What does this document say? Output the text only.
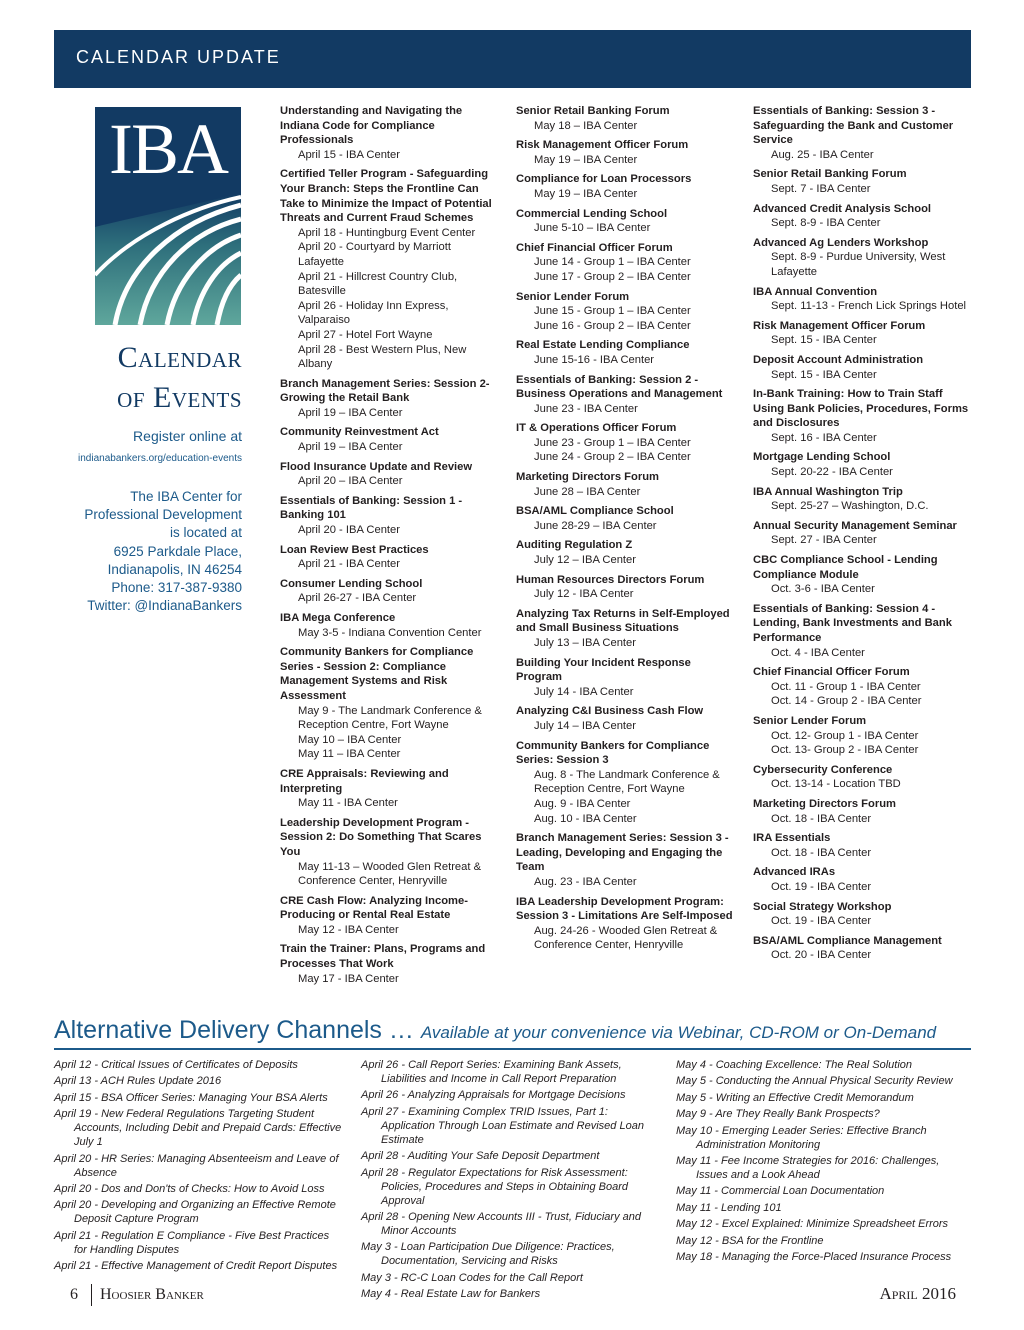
CALENDAR UPDATE
IBA
Calendar
of Events
Register online at
indianabankers.org/education-events
The IBA Center for
Professional Development
is located at
6925 Parkdale Place,
Indianapolis, IN 46254
Phone: 317-387-9380
Twitter: @IndianaBankers
Understanding and Navigating the Indiana Code for Compliance Professionals
April 15 - IBA Center
Certified Teller Program - Safeguarding Your Branch: Steps the Frontline Can Take to Minimize the Impact of Potential Threats and Current Fraud Schemes
April 18 - Huntingburg Event Center
April 20 - Courtyard by Marriott Lafayette
April 21 - Hillcrest Country Club, Batesville
April 26 - Holiday Inn Express, Valparaiso
April 27 - Hotel Fort Wayne
April 28 - Best Western Plus, New Albany
Branch Management Series: Session 2- Growing the Retail Bank
April 19 – IBA Center
Community Reinvestment Act
April 19 – IBA Center
Flood Insurance Update and Review
April 20 – IBA Center
Essentials of Banking: Session 1 - Banking 101
April 20 - IBA Center
Loan Review Best Practices
April 21 - IBA Center
Consumer Lending School
April 26-27 - IBA Center
IBA Mega Conference
May 3-5 - Indiana Convention Center
Community Bankers for Compliance Series - Session 2: Compliance Management Systems and Risk Assessment
May 9 - The Landmark Conference & Reception Centre, Fort Wayne
May 10 – IBA Center
May 11 – IBA Center
CRE Appraisals: Reviewing and Interpreting
May 11 - IBA Center
Leadership Development Program - Session 2: Do Something That Scares You
May 11-13 – Wooded Glen Retreat & Conference Center, Henryville
CRE Cash Flow: Analyzing Income-Producing or Rental Real Estate
May 12 - IBA Center
Train the Trainer: Plans, Programs and Processes That Work
May 17 - IBA Center
Senior Retail Banking Forum
May 18 – IBA Center
Risk Management Officer Forum
May 19 – IBA Center
Compliance for Loan Processors
May 19 – IBA Center
Commercial Lending School
June 5-10 – IBA Center
Chief Financial Officer Forum
June 14 - Group 1 – IBA Center
June 17 - Group 2 – IBA Center
Senior Lender Forum
June 15 - Group 1 – IBA Center
June 16 - Group 2 – IBA Center
Real Estate Lending Compliance
June 15-16 - IBA Center
Essentials of Banking: Session 2 - Business Operations and Management
June 23 - IBA Center
IT & Operations Officer Forum
June 23 - Group 1 – IBA Center
June 24 - Group 2 – IBA Center
Marketing Directors Forum
June 28 – IBA Center
BSA/AML Compliance School
June 28-29 – IBA Center
Auditing Regulation Z
July 12 – IBA Center
Human Resources Directors Forum
July 12 - IBA Center
Analyzing Tax Returns in Self-Employed and Small Business Situations
July 13 – IBA Center
Building Your Incident Response Program
July 14 - IBA Center
Analyzing C&I Business Cash Flow
July 14 – IBA Center
Community Bankers for Compliance Series: Session 3
Aug. 8 - The Landmark Conference & Reception Centre, Fort Wayne
Aug. 9 - IBA Center
Aug. 10 - IBA Center
Branch Management Series: Session 3 - Leading, Developing and Engaging the Team
Aug. 23 - IBA Center
IBA Leadership Development Program: Session 3 - Limitations Are Self-Imposed
Aug. 24-26 - Wooded Glen Retreat & Conference Center, Henryville
Essentials of Banking: Session 3 - Safeguarding the Bank and Customer Service
Aug. 25 - IBA Center
Senior Retail Banking Forum
Sept. 7 - IBA Center
Advanced Credit Analysis School
Sept. 8-9 - IBA Center
Advanced Ag Lenders Workshop
Sept. 8-9 - Purdue University, West Lafayette
IBA Annual Convention
Sept. 11-13 - French Lick Springs Hotel
Risk Management Officer Forum
Sept. 15 - IBA Center
Deposit Account Administration
Sept. 15 - IBA Center
In-Bank Training: How to Train Staff Using Bank Policies, Procedures, Forms and Disclosures
Sept. 16 - IBA Center
Mortgage Lending School
Sept. 20-22 - IBA Center
IBA Annual Washington Trip
Sept. 25-27 – Washington, D.C.
Annual Security Management Seminar
Sept. 27 - IBA Center
CBC Compliance School - Lending Compliance Module
Oct. 3-6 - IBA Center
Essentials of Banking: Session 4 - Lending, Bank Investments and Bank Performance
Oct. 4 - IBA Center
Chief Financial Officer Forum
Oct. 11 - Group 1 - IBA Center
Oct. 14 - Group 2 - IBA Center
Senior Lender Forum
Oct. 12- Group 1 - IBA Center
Oct. 13- Group 2 - IBA Center
Cybersecurity Conference
Oct. 13-14 - Location TBD
Marketing Directors Forum
Oct. 18 - IBA Center
IRA Essentials
Oct. 18 - IBA Center
Advanced IRAs
Oct. 19 - IBA Center
Social Strategy Workshop
Oct. 19 - IBA Center
BSA/AML Compliance Management
Oct. 20 - IBA Center
Alternative Delivery Channels … Available at your convenience via Webinar, CD-ROM or On-Demand
April 12 - Critical Issues of Certificates of Deposits
April 13 - ACH Rules Update 2016
April 15 - BSA Officer Series: Managing Your BSA Alerts
April 19 - New Federal Regulations Targeting Student Accounts, Including Debit and Prepaid Cards: Effective July 1
April 20 - HR Series: Managing Absenteeism and Leave of Absence
April 20 - Dos and Don'ts of Checks: How to Avoid Loss
April 20 - Developing and Organizing an Effective Remote Deposit Capture Program
April 21 - Regulation E Compliance - Five Best Practices for Handling Disputes
April 21 - Effective Management of Credit Report Disputes
April 26 - Call Report Series: Examining Bank Assets, Liabilities and Income in Call Report Preparation
April 26 - Analyzing Appraisals for Mortgage Decisions
April 27 - Examining Complex TRID Issues, Part 1: Application Through Loan Estimate and Revised Loan Estimate
April 28 - Auditing Your Safe Deposit Department
April 28 - Regulator Expectations for Risk Assessment: Policies, Procedures and Steps in Obtaining Board Approval
April 28 - Opening New Accounts III - Trust, Fiduciary and Minor Accounts
May 3 - Loan Participation Due Diligence: Practices, Documentation, Servicing and Risks
May 3 - RC-C Loan Codes for the Call Report
May 4 - Real Estate Law for Bankers
May 4 - Coaching Excellence: The Real Solution
May 5 - Conducting the Annual Physical Security Review
May 5 - Writing an Effective Credit Memorandum
May 9 - Are They Really Bank Prospects?
May 10 - Emerging Leader Series: Effective Branch Administration Monitoring
May 11 - Fee Income Strategies for 2016: Challenges, Issues and a Look Ahead
May 11 - Commercial Loan Documentation
May 11 - Lending 101
May 12 - Excel Explained: Minimize Spreadsheet Errors
May 12 - BSA for the Frontline
May 18 - Managing the Force-Placed Insurance Process
6 Hoosier Banker	April 2016
